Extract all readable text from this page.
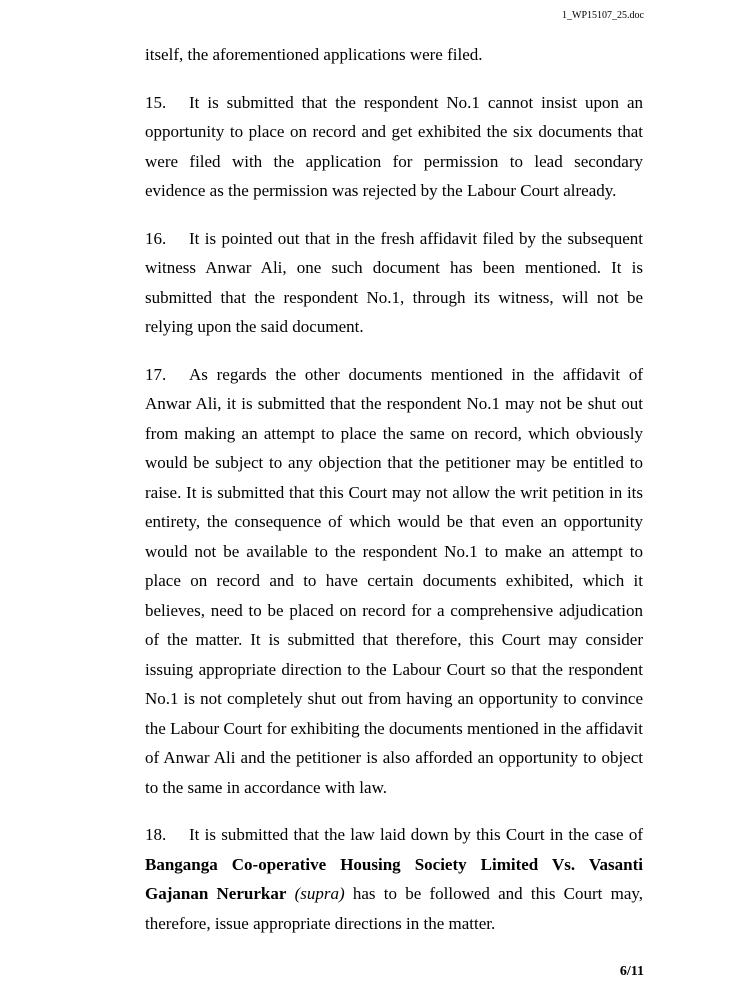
1_WP15107_25.doc

itself, the aforementioned applications were filed.

15. It is submitted that the respondent No.1 cannot insist upon an opportunity to place on record and get exhibited the six documents that were filed with the application for permission to lead secondary evidence as the permission was rejected by the Labour Court already.

16. It is pointed out that in the fresh affidavit filed by the subsequent witness Anwar Ali, one such document has been mentioned. It is submitted that the respondent No.1, through its witness, will not be relying upon the said document.

17. As regards the other documents mentioned in the affidavit of Anwar Ali, it is submitted that the respondent No.1 may not be shut out from making an attempt to place the same on record, which obviously would be subject to any objection that the petitioner may be entitled to raise. It is submitted that this Court may not allow the writ petition in its entirety, the consequence of which would be that even an opportunity would not be available to the respondent No.1 to make an attempt to place on record and to have certain documents exhibited, which it believes, need to be placed on record for a comprehensive adjudication of the matter. It is submitted that therefore, this Court may consider issuing appropriate direction to the Labour Court so that the respondent No.1 is not completely shut out from having an opportunity to convince the Labour Court for exhibiting the documents mentioned in the affidavit of Anwar Ali and the petitioner is also afforded an opportunity to object to the same in accordance with law.

18. It is submitted that the law laid down by this Court in the case of Banganga Co-operative Housing Society Limited Vs. Vasanti Gajanan Nerurkar (supra) has to be followed and this Court may, therefore, issue appropriate directions in the matter.

6/11
